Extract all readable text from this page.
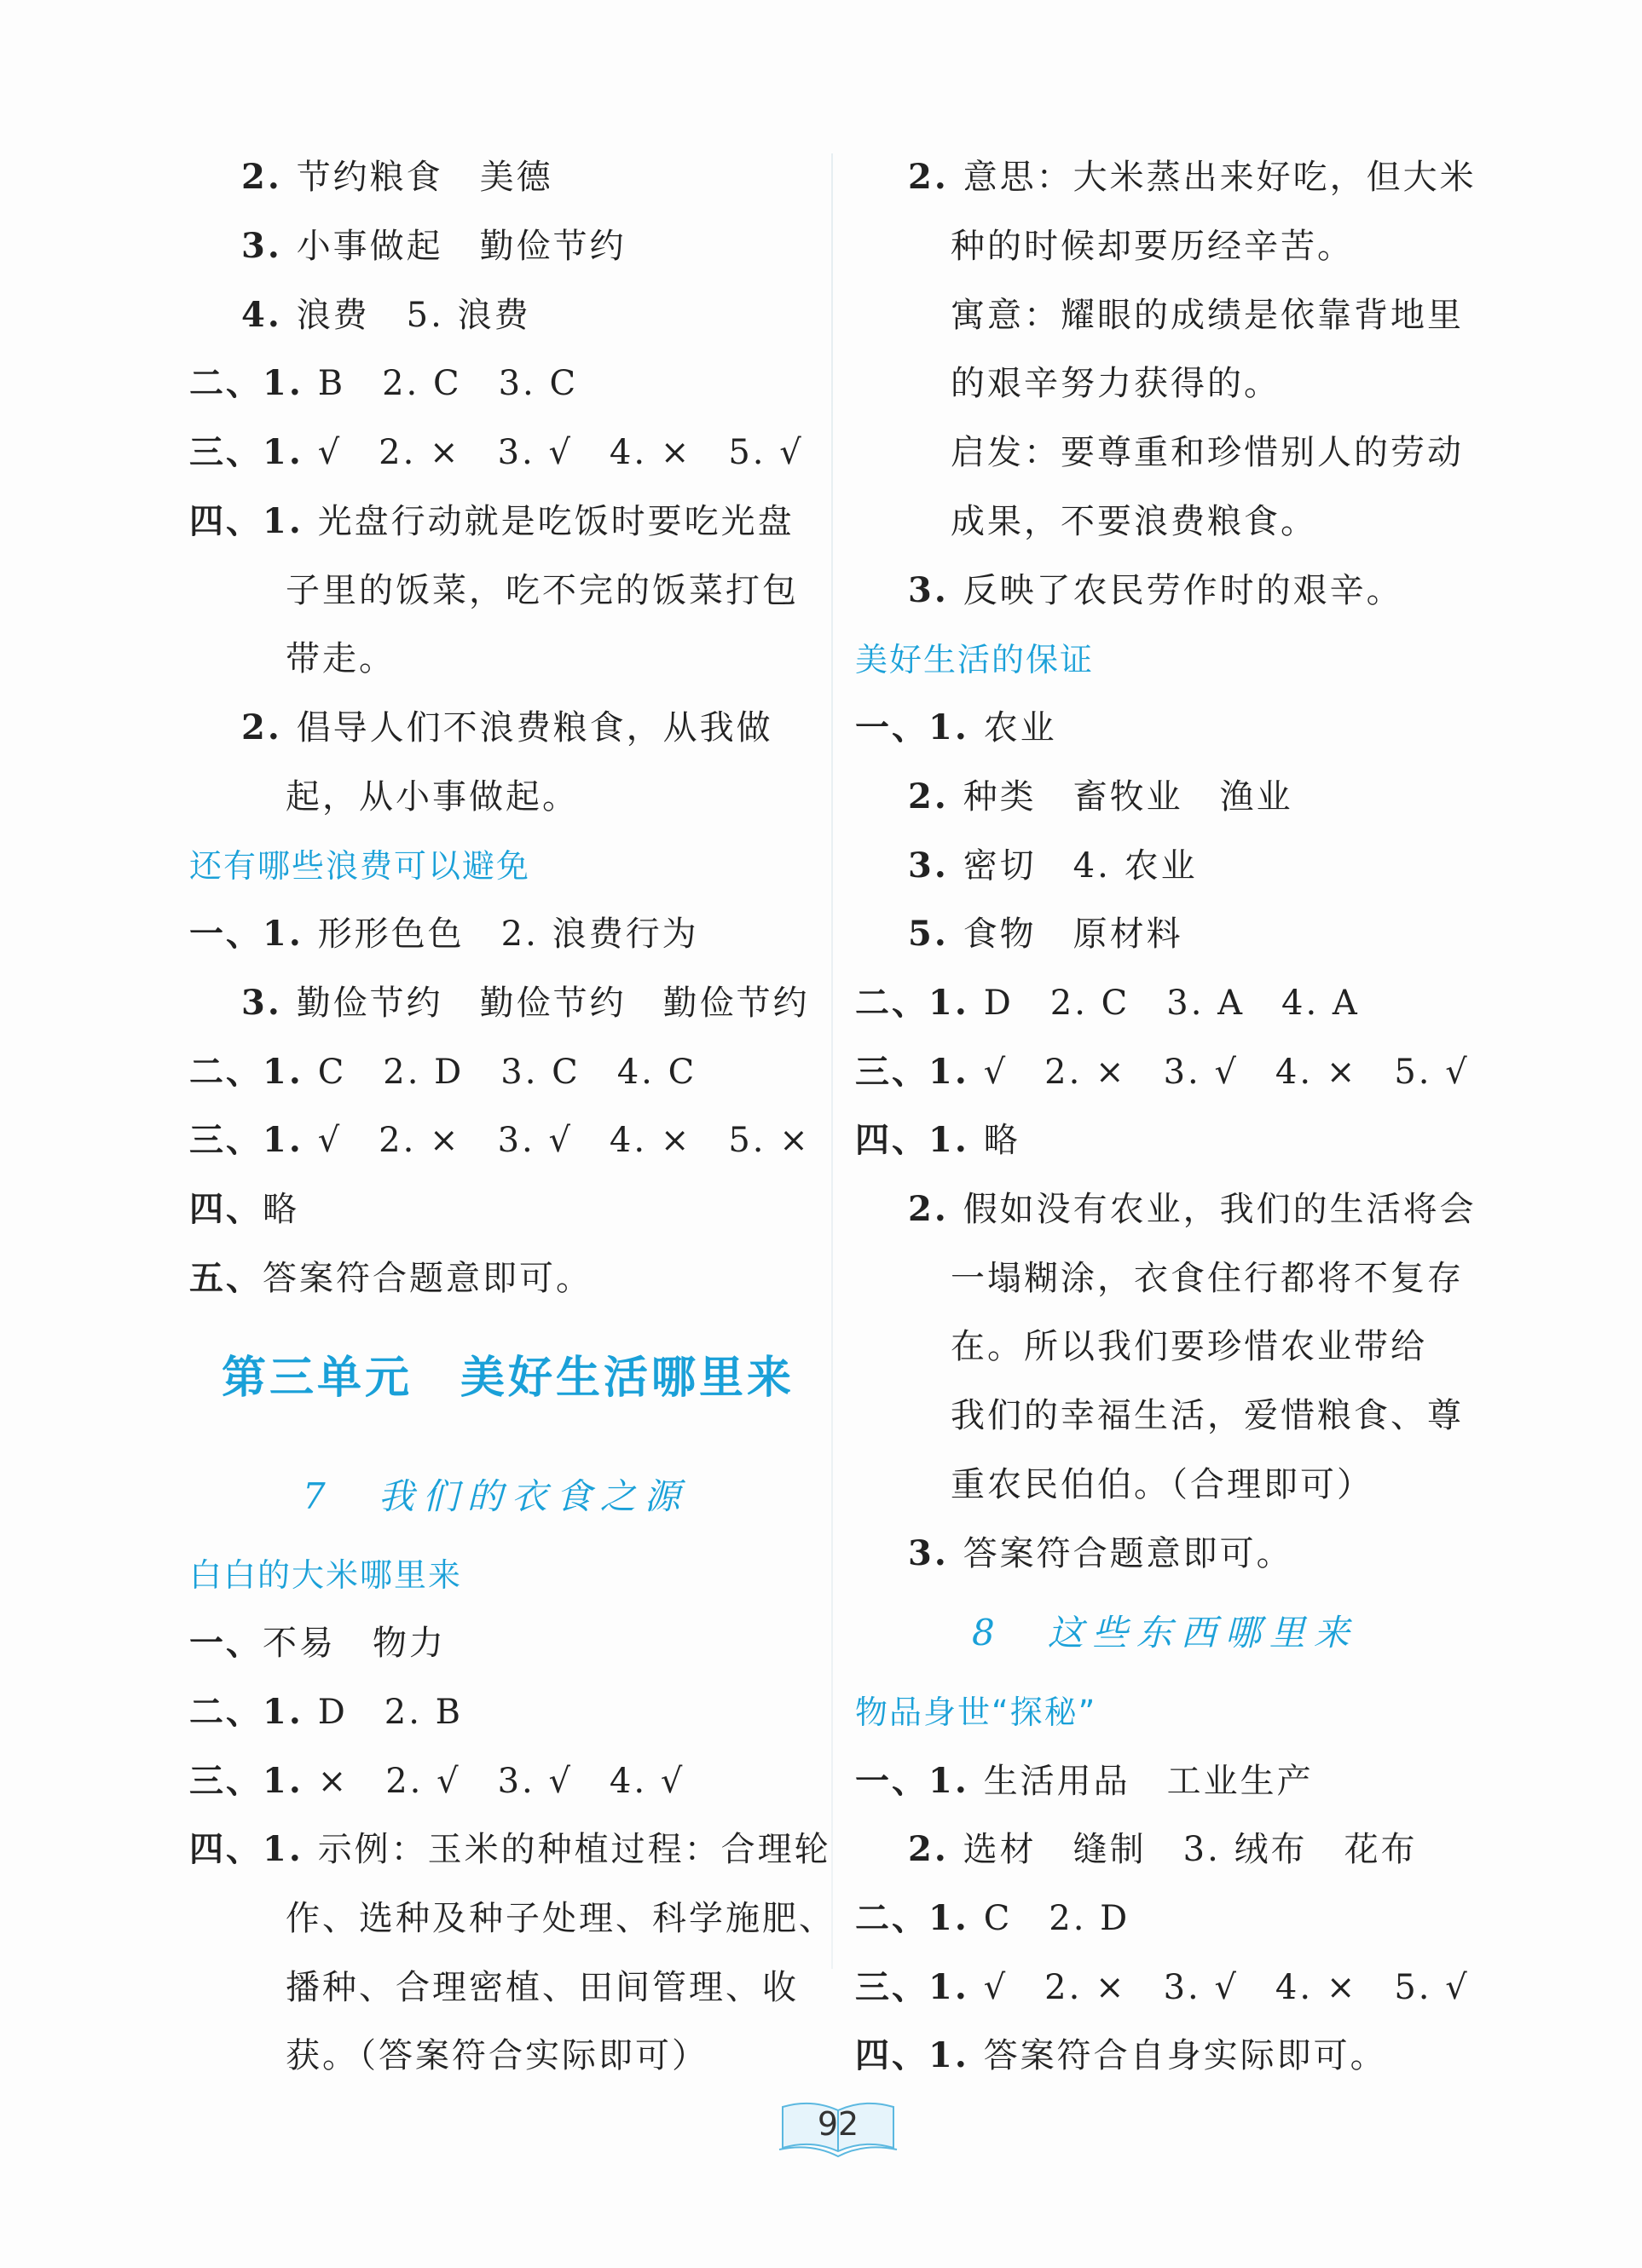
2. 节约粮食　美德
3. 小事做起　勤俭节约
4. 浪费　5. 浪费
二、1. B　2. C　3. C
三、1. √　2. ×　3. √　4. ×　5. √
四、1. 光盘行动就是吃饭时要吃光盘
子里的饭菜，吃不完的饭菜打包
带走。
2. 倡导人们不浪费粮食，从我做
起，从小事做起。
还有哪些浪费可以避免
一、1. 形形色色　2. 浪费行为
3. 勤俭节约　勤俭节约　勤俭节约
二、1. C　2. D　3. C　4. C
三、1. √　2. ×　3. √　4. ×　5. ×
四、略
五、答案符合题意即可。
第三单元　美好生活哪里来
7　我们的衣食之源
白白的大米哪里来
一、不易　物力
二、1. D　2. B
三、1. ×　2. √　3. √　4. √
四、1. 示例：玉米的种植过程：合理轮
作、选种及种子处理、科学施肥、
播种、合理密植、田间管理、收
获。（答案符合实际即可）
2. 意思：大米蒸出来好吃，但大米
种的时候却要历经辛苦。
寓意：耀眼的成绩是依靠背地里
的艰辛努力获得的。
启发：要尊重和珍惜别人的劳动
成果，不要浪费粮食。
3. 反映了农民劳作时的艰辛。
美好生活的保证
一、1. 农业
2. 种类　畜牧业　渔业
3. 密切　4. 农业
5. 食物　原材料
二、1. D　2. C　3. A　4. A
三、1. √　2. ×　3. √　4. ×　5. √
四、1. 略
2. 假如没有农业，我们的生活将会
一塌糊涂，衣食住行都将不复存
在。所以我们要珍惜农业带给
我们的幸福生活，爱惜粮食、尊
重农民伯伯。（合理即可）
3. 答案符合题意即可。
8　这些东西哪里来
物品身世“探秘”
一、1. 生活用品　工业生产
2. 选材　缝制　3. 绒布　花布
二、1. C　2. D
三、1. √　2. ×　3. √　4. ×　5. √
四、1. 答案符合自身实际即可。
92
